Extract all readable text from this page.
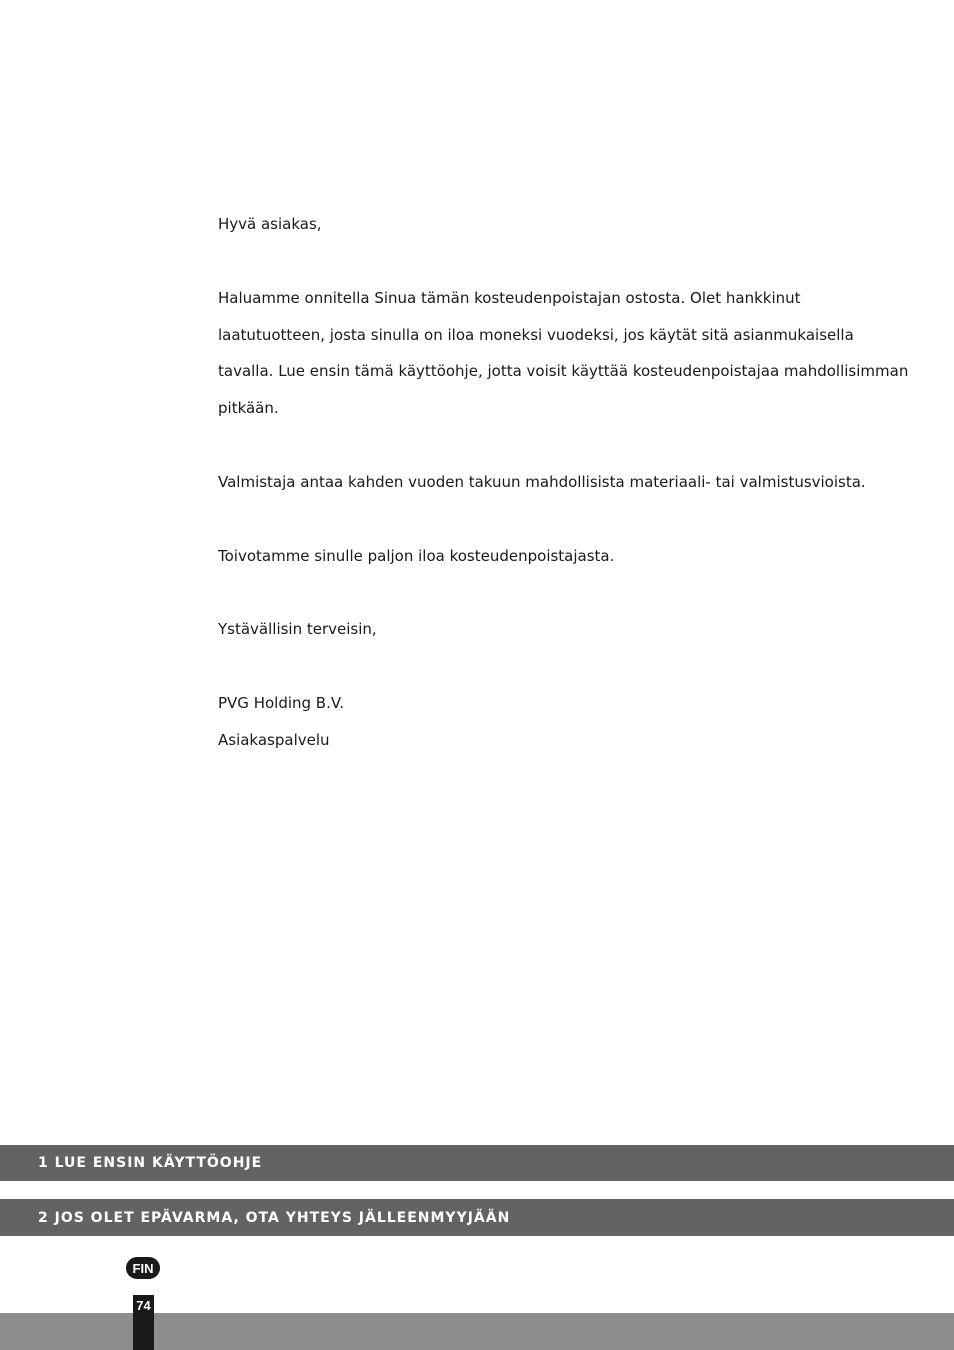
Hyvä asiakas,
Haluamme onnitella Sinua tämän kosteudenpoistajan ostosta. Olet hankkinut
laatutuotteen, josta sinulla on iloa moneksi vuodeksi, jos käytät sitä asianmukaisella
tavalla. Lue ensin tämä käyttöohje, jotta voisit käyttää kosteudenpoistajaa mahdollisimman
pitkään.
Valmistaja antaa kahden vuoden takuun mahdollisista materiaali- tai valmistusvioista.
Toivotamme sinulle paljon iloa kosteudenpoistajasta.
Ystävällisin terveisin,
PVG Holding B.V.
Asiakaspalvelu
1 LUE ENSIN KÄYTTÖOHJE
2 JOS OLET EPÄVARMA, OTA YHTEYS JÄLLEENMYYJÄÄN
FIN
74
